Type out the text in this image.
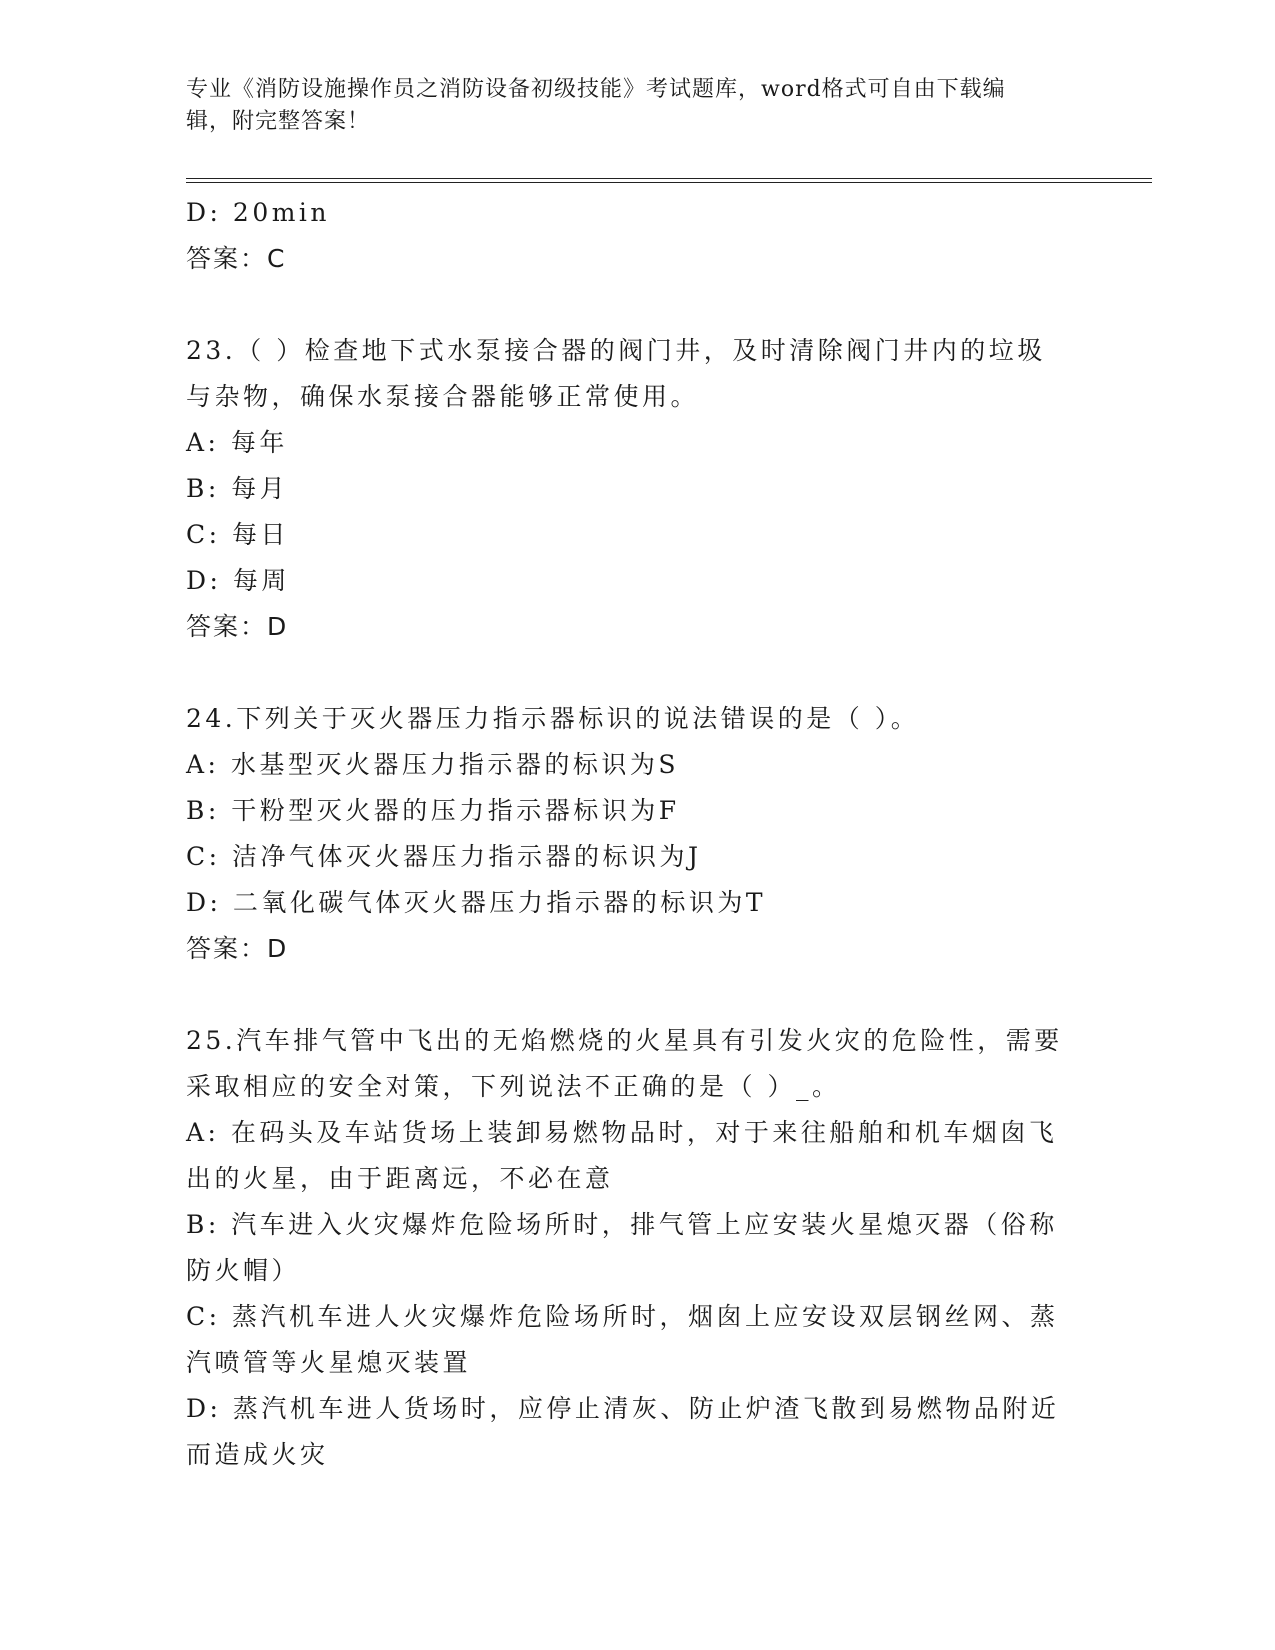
专业《消防设施操作员之消防设备初级技能》考试题库，word格式可自由下载编
辑，附完整答案！
D: 20min
答案：C
23.（ ）检查地下式水泵接合器的阀门井，及时清除阀门井内的垃圾
与杂物，确保水泵接合器能够正常使用。
A: 每年
B: 每月
C: 每日
D: 每周
答案：D
24.下列关于灭火器压力指示器标识的说法错误的是（ ）。
A: 水基型灭火器压力指示器的标识为S
B: 干粉型灭火器的压力指示器标识为F
C: 洁净气体灭火器压力指示器的标识为J
D: 二氧化碳气体灭火器压力指示器的标识为T
答案：D
25.汽车排气管中飞出的无焰燃烧的火星具有引发火灾的危险性，需要
采取相应的安全对策，下列说法不正确的是（ ）_。
A: 在码头及车站货场上装卸易燃物品时，对于来往船舶和机车烟囱飞
出的火星，由于距离远，不必在意
B: 汽车进入火灾爆炸危险场所时，排气管上应安装火星熄灭器（俗称
防火帽）
C: 蒸汽机车进人火灾爆炸危险场所时，烟囱上应安设双层钢丝网、蒸
汽喷管等火星熄灭装置
D: 蒸汽机车进人货场时，应停止清灰、防止炉渣飞散到易燃物品附近
而造成火灾
